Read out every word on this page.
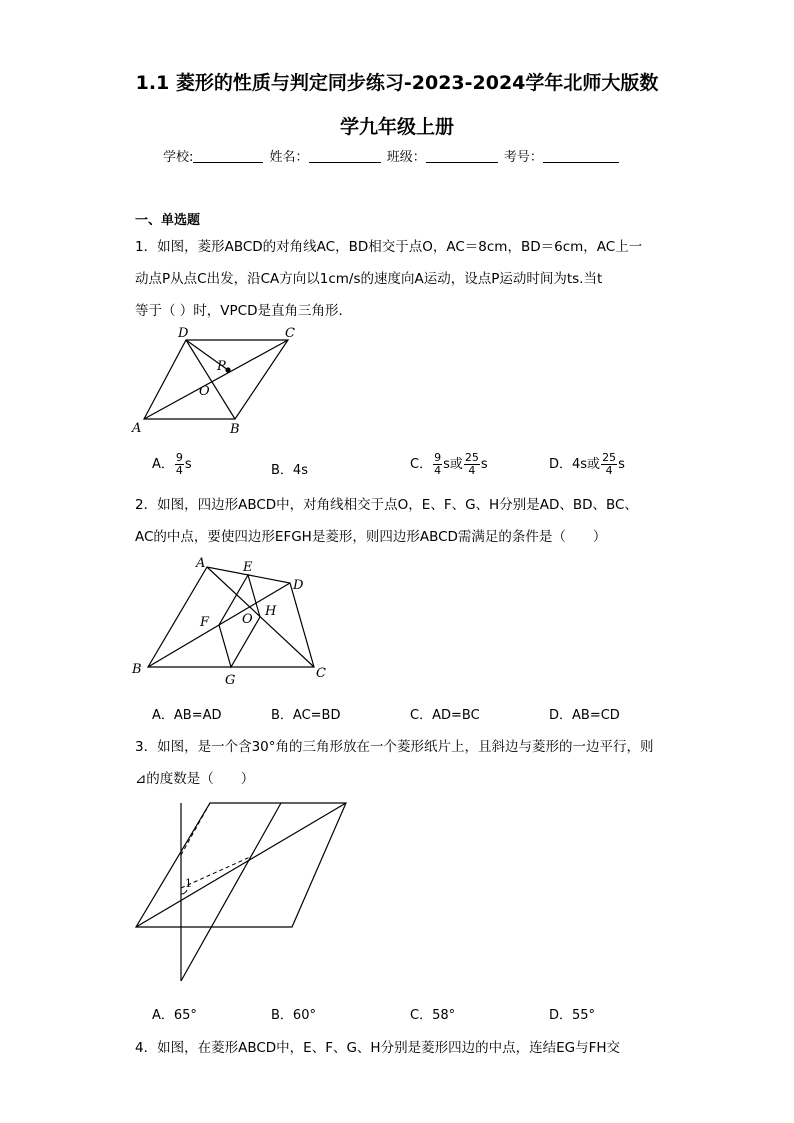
1.1 菱形的性质与判定同步练习-2023-2024学年北师大版数
学九年级上册
学校:	姓名：	班级：	考号：
一、单选题
1．如图，菱形ABCD的对角线AC，BD相交于点O，AC＝8cm，BD＝6cm，AC上一
动点P从点C出发，沿CA方向以1cm/s的速度向A运动，设点P运动时间为ts.当t
等于（ ）时，VPCD是直角三角形．
A	B
C
D
O
P
A． $\frac{9}{4}$ s	B．4s	C． $\frac{9}{4}$ s或 $\frac{25}{4}$ s	D．4s或 $\frac{25}{4}$ s
2．如图，四边形ABCD中，对角线相交于点O，E、F、G、H分别是AD、BD、BC、
AC的中点，要使四边形EFGH是菱形，则四边形ABCD需满足的条件是（　　）
A
B	C
D
E
F
G
H
O
A．AB=AD	B．AC=BD	C．AD=BC	D．AB=CD
3．如图，是一个含30°角的三角形放在一个菱形纸片上，且斜边与菱形的一边平行，则
⊿的度数是（　　）
1
A．65°	B．60°	C．58°	D．55°
4．如图，在菱形ABCD中，E、F、G、H分别是菱形四边的中点，连结EG与FH交
